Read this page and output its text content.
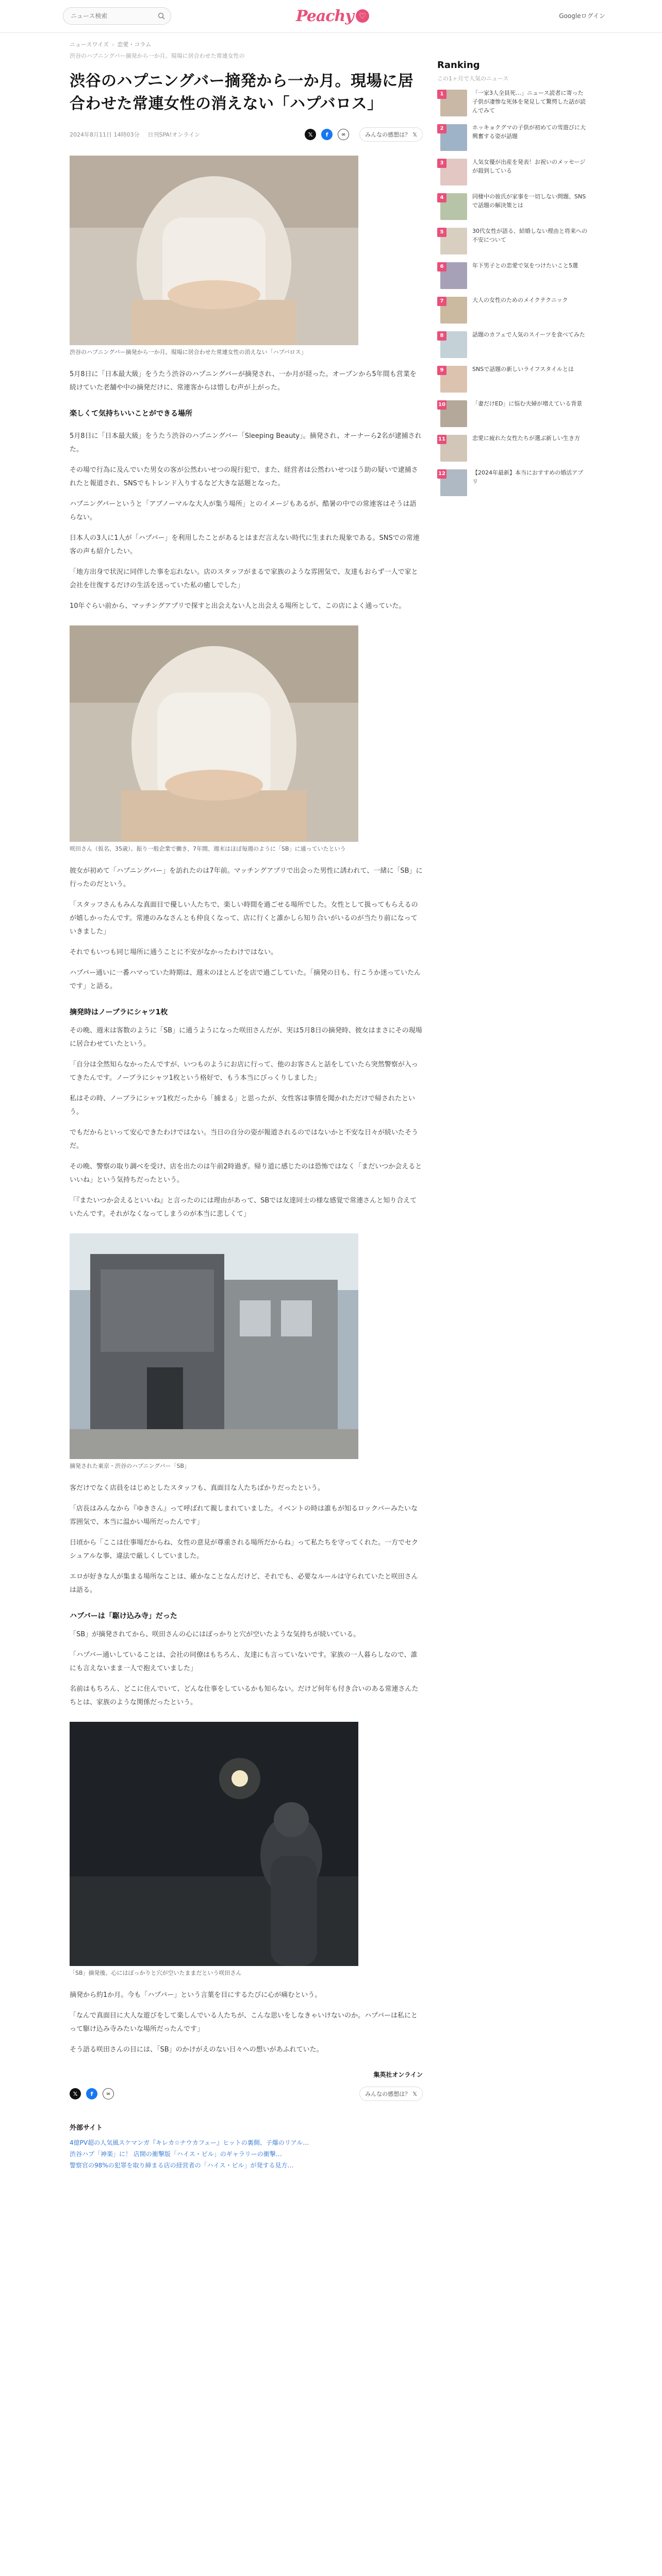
ニュース検索
Peachy ♡	Googleログイン
ニュースワイズ › 恋愛・コラム
渋谷のハプニングバー摘発から一か月。現場に居合わせた常連女性の
渋谷のハプニングバー摘発から一か月。現場に居合わせた常連女性の消えない「ハプバロス」
2024年8月11日 14時03分 日刊SPA!オンライン	𝕏	f	∞	みんなの感想は？ 𝕏
渋谷のハプニングバー摘発から一か月。現場に居合わせた常連女性の消えない「ハプバロス」

5月8日に「日本最大級」をうたう渋谷のハプニングバーが摘発され、一か月が経った。オープンから5年間も営業を続けていた老舗や中の摘発だけに、常連客からは惜しむ声が上がった。

楽しくて気持ちいいことができる場所

5月8日に「日本最大級」をうたう渋谷のハプニングバー「Sleeping Beauty」。摘発され、オーナーら2名が逮捕された。

その場で行為に及んでいた男女の客が公然わいせつの現行犯で、また、経営者は公然わいせつほう助の疑いで逮捕されたと報道され、SNSでもトレンド入りするなど大きな話題となった。

ハプニングバーというと「アブノーマルな大人が集う場所」とのイメージもあるが、酷暑の中での常連客はそうは語らない。

日本人の3人に1人が「ハプバー」を利用したことがあるとはまだ言えない時代に生まれた現象である。SNSでの常連客の声も紹介したい。

「地方出身で状況に同伴した事を忘れない。店のスタッフがまるで家族のような雰囲気で、友達もおらず一人で家と会社を往復するだけの生活を送っていた私の癒しでした」

10年ぐらい前から、マッチングアプリで探すと出会えない人と出会える場所として、この店によく通っていた。

咲田さん（仮名、35歳）。振り一般企業で働き、7年間、週末はほぼ毎週のように「SB」に通っていたという

彼女が初めて「ハプニングバー」を訪れたのは7年前。マッチングアプリで出会った男性に誘われて、一緒に「SB」に行ったのだという。

「スタッフさんもみんな真面目で優しい人たちで、楽しい時間を過ごせる場所でした。女性として扱ってもらえるのが嬉しかったんです。常連のみなさんとも仲良くなって、店に行くと誰かしら知り合いがいるのが当たり前になっていきました」

それでもいつも同じ場所に通うことに不安がなかったわけではない。

ハプバー通いに一番ハマっていた時期は、週末のほとんどを店で過ごしていた。「摘発の日も、行こうか迷っていたんです」と語る。

摘発時はノーブラにシャツ1枚

その晩、週末は客数のように「SB」に通うようになった咲田さんだが、実は5月8日の摘発時、彼女はまさにその現場に居合わせていたという。

「自分は全然知らなかったんですが、いつものようにお店に行って、他のお客さんと話をしていたら突然警察が入ってきたんです。ノーブラにシャツ1枚という格好で、もう本当にびっくりしました」

私はその時、ノーブラにシャツ1枚だったから「捕まる」と思ったが、女性客は事情を聞かれただけで帰されたという。

でもだからといって安心できたわけではない。当日の自分の姿が報道されるのではないかと不安な日々が続いたそうだ。

その晩、警察の取り調べを受け、店を出たのは午前2時過ぎ。帰り道に感じたのは恐怖ではなく「まだいつか会えるといいね」という気持ちだったという。

「『またいつか会えるといいね』と言ったのには理由があって、SBでは友達同士の様な感覚で常連さんと知り合えていたんです。それがなくなってしまうのが本当に悲しくて」

摘発された東京・渋谷のハプニングバー「SB」

客だけでなく店員をはじめとしたスタッフも、真面目な人たちばかりだったという。

「店長はみんなから『ゆきさん』って呼ばれて親しまれていました。イベントの時は誰もが知るロックバーみたいな雰囲気で、本当に温かい場所だったんです」

日頃から「ここは仕事場だからね、女性の意見が尊重される場所だからね」って私たちを守ってくれた。一方でセクシュアルな事、違法で厳しくしていました。

エロが好きな人が集まる場所なことは、確かなことなんだけど、それでも、必要なルールは守られていたと咲田さんは語る。

ハプバーは「駆け込み寺」だった

「SB」が摘発されてから、咲田さんの心にはぽっかりと穴が空いたような気持ちが続いている。

「ハプバー通いしていることは、会社の同僚はもちろん、友達にも言っていないです。家族の一人暮らしなので、誰にも言えないまま一人で抱えていました」

名前はもちろん、どこに住んでいて、どんな仕事をしているかも知らない。だけど何年も付き合いのある常連さんたちとは、家族のような関係だったという。

「SB」摘発後、心にはぽっかりと穴が空いたままだという咲田さん

摘発から約1か月。今も「ハプバー」という言葉を目にするたびに心が痛むという。

「なんで真面目に大人な遊びをして楽しんでいる人たちが、こんな思いをしなきゃいけないのか。ハプバーは私にとって駆け込み寺みたいな場所だったんです」

そう語る咲田さんの目には、「SB」のかけがえのない日々への想いがあふれていた。

集英社オンライン
𝕏	f	∞	みんなの感想は？ 𝕏
外部サイト
4億PV超の人気風スケマンガ『キレカ☆ナウカフェー』ヒットの裏側、子爆のリアル…
渋谷ハプ「神楽」に！ 店開の衝撃版「ハイス・ビル」のギャラリーの衝撃…
警察官の98%の犯罪を取り締まる店の経営者の「ハイス・ビル」が発する見方…
Ranking
この1ヶ月で人気のニュース
1	「一家3人全員死…」ニュース読者に寄った子供が凄惨な死体を発見して驚愕した話が読んでみて
2	ホッキョクグマの子供が初めての雪遊びに大興奮する姿が話題
3	人気女優が出産を発表！お祝いのメッセージが殺到している
4	同棲中の彼氏が家事を一切しない問題、SNSで話題の解決策とは
5	30代女性が語る、結婚しない理由と将来への不安について
6	年下男子との恋愛で気をつけたいこと5選
7	大人の女性のためのメイクテクニック
8	話題のカフェで人気のスイーツを食べてみた
9	SNSで話題の新しいライフスタイルとは
10	「妻だけED」に悩む夫婦が増えている背景
11	恋愛に疲れた女性たちが選ぶ新しい生き方
12	【2024年最新】本当におすすめの婚活アプリ
